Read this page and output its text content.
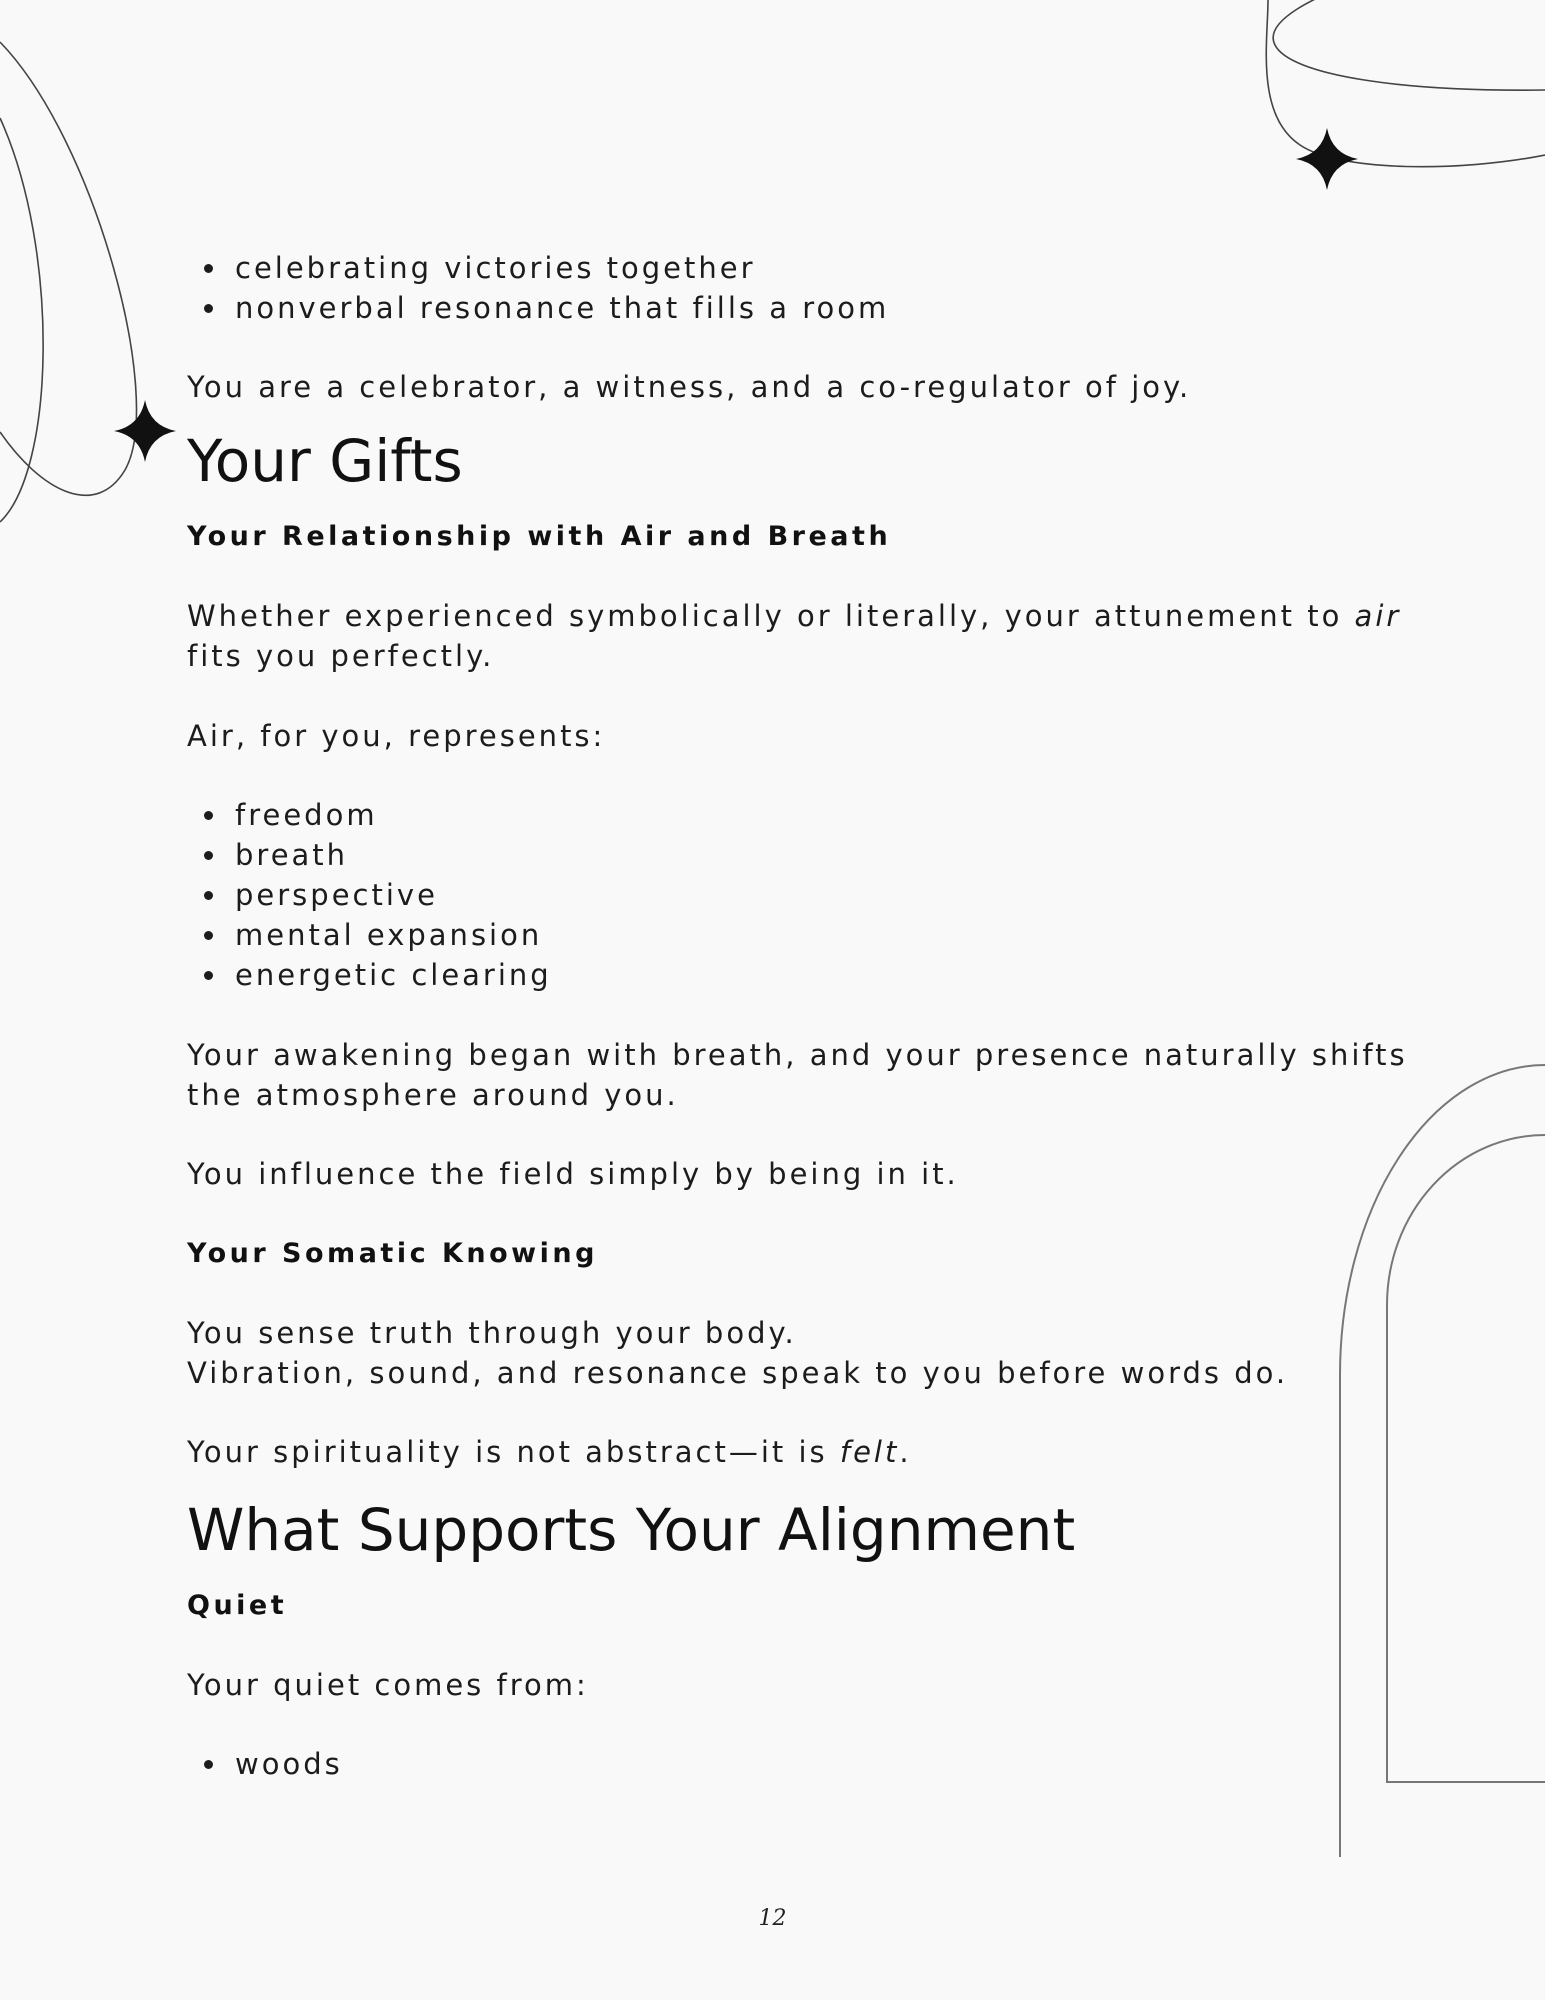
celebrating victories together
nonverbal resonance that fills a room

You are a celebrator, a witness, and a co-regulator of joy.

Your Gifts
Your Relationship with Air and Breath

Whether experienced symbolically or literally, your attunement to air
fits you perfectly.

Air, for you, represents:

freedom
breath
perspective
mental expansion
energetic clearing

Your awakening began with breath, and your presence naturally shifts
the atmosphere around you.

You influence the field simply by being in it.

Your Somatic Knowing

You sense truth through your body.
Vibration, sound, and resonance speak to you before words do.

Your spirituality is not abstract—it is felt.

What Supports Your Alignment
Quiet

Your quiet comes from:

woods
12
